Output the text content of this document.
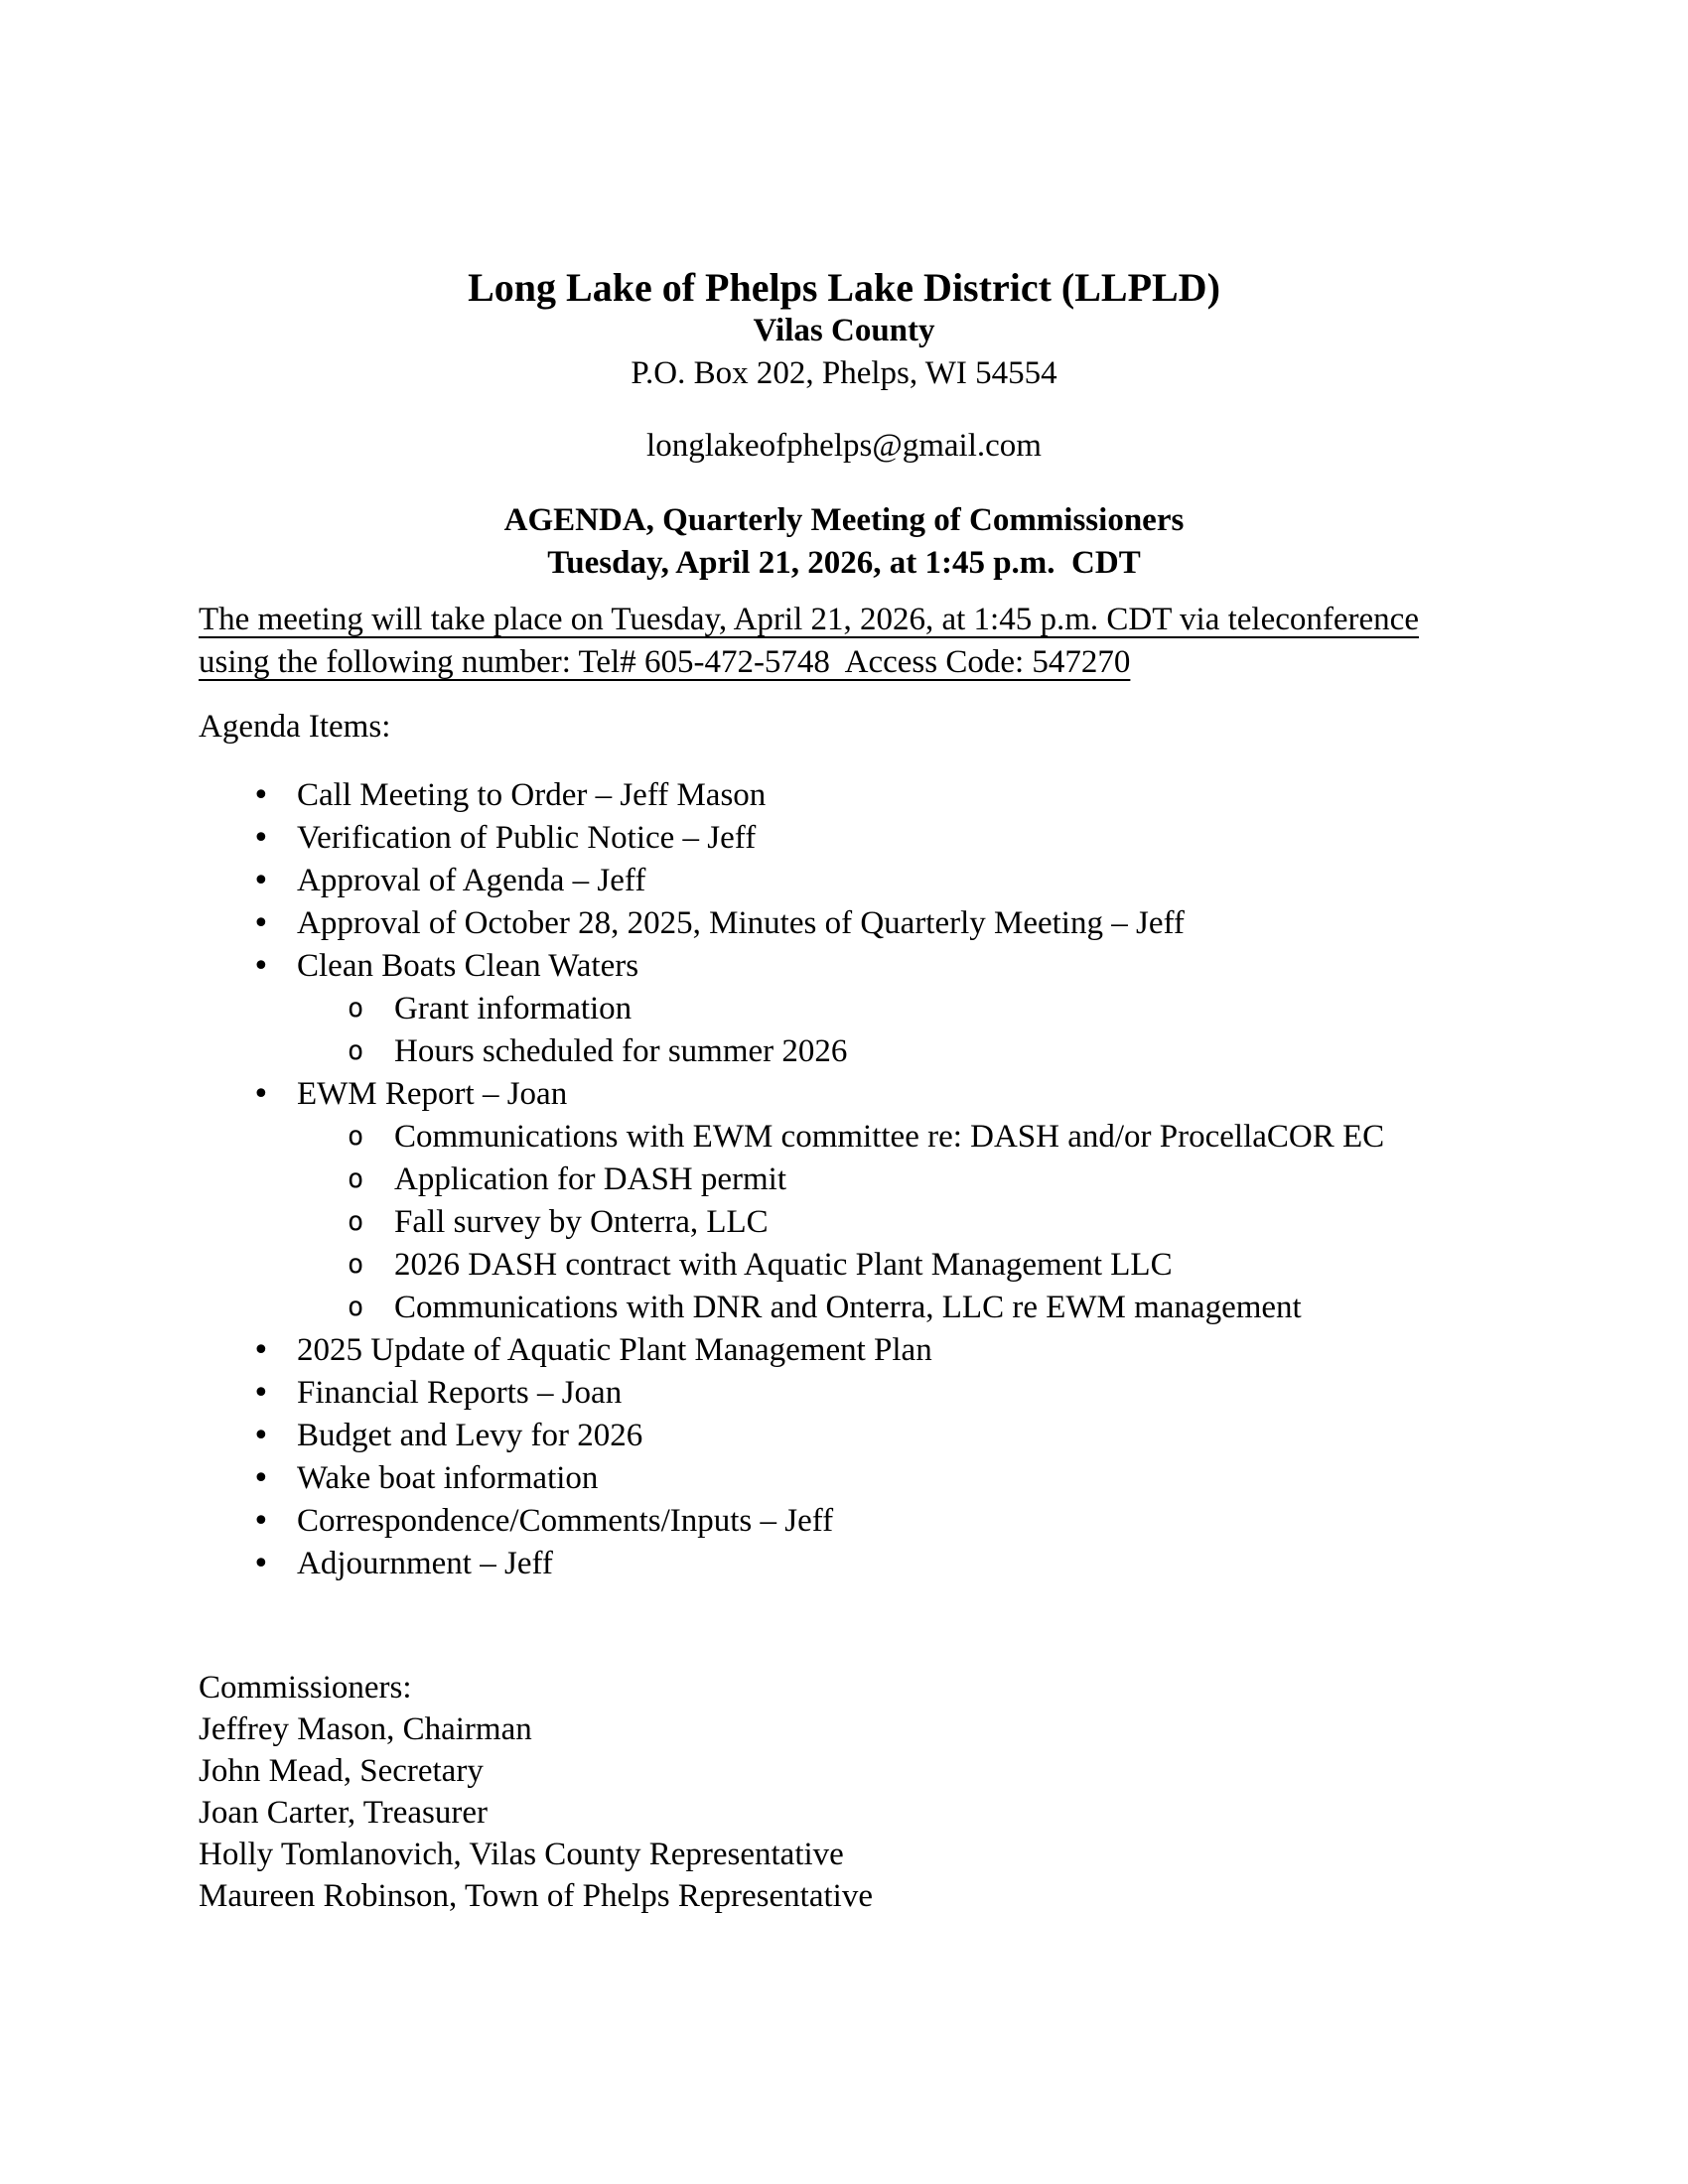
Long Lake of Phelps Lake District (LLPLD)
Vilas County
P.O. Box 202, Phelps, WI 54554
longlakeofphelps@gmail.com
AGENDA, Quarterly Meeting of Commissioners
Tuesday, April 21, 2026, at 1:45 p.m.  CDT
The meeting will take place on Tuesday, April 21, 2026, at 1:45 p.m. CDT via teleconference
using the following number: Tel# 605-472-5748  Access Code: 547270
Agenda Items:
• Call Meeting to Order – Jeff Mason
• Verification of Public Notice – Jeff
• Approval of Agenda – Jeff
• Approval of October 28, 2025, Minutes of Quarterly Meeting – Jeff
• Clean Boats Clean Waters
o Grant information
o Hours scheduled for summer 2026
• EWM Report – Joan
o Communications with EWM committee re: DASH and/or ProcellaCOR EC
o Application for DASH permit
o Fall survey by Onterra, LLC
o 2026 DASH contract with Aquatic Plant Management LLC
o Communications with DNR and Onterra, LLC re EWM management
• 2025 Update of Aquatic Plant Management Plan
• Financial Reports – Joan
• Budget and Levy for 2026
• Wake boat information
• Correspondence/Comments/Inputs – Jeff
• Adjournment – Jeff
Commissioners:
Jeffrey Mason, Chairman
John Mead, Secretary
Joan Carter, Treasurer
Holly Tomlanovich, Vilas County Representative
Maureen Robinson, Town of Phelps Representative
